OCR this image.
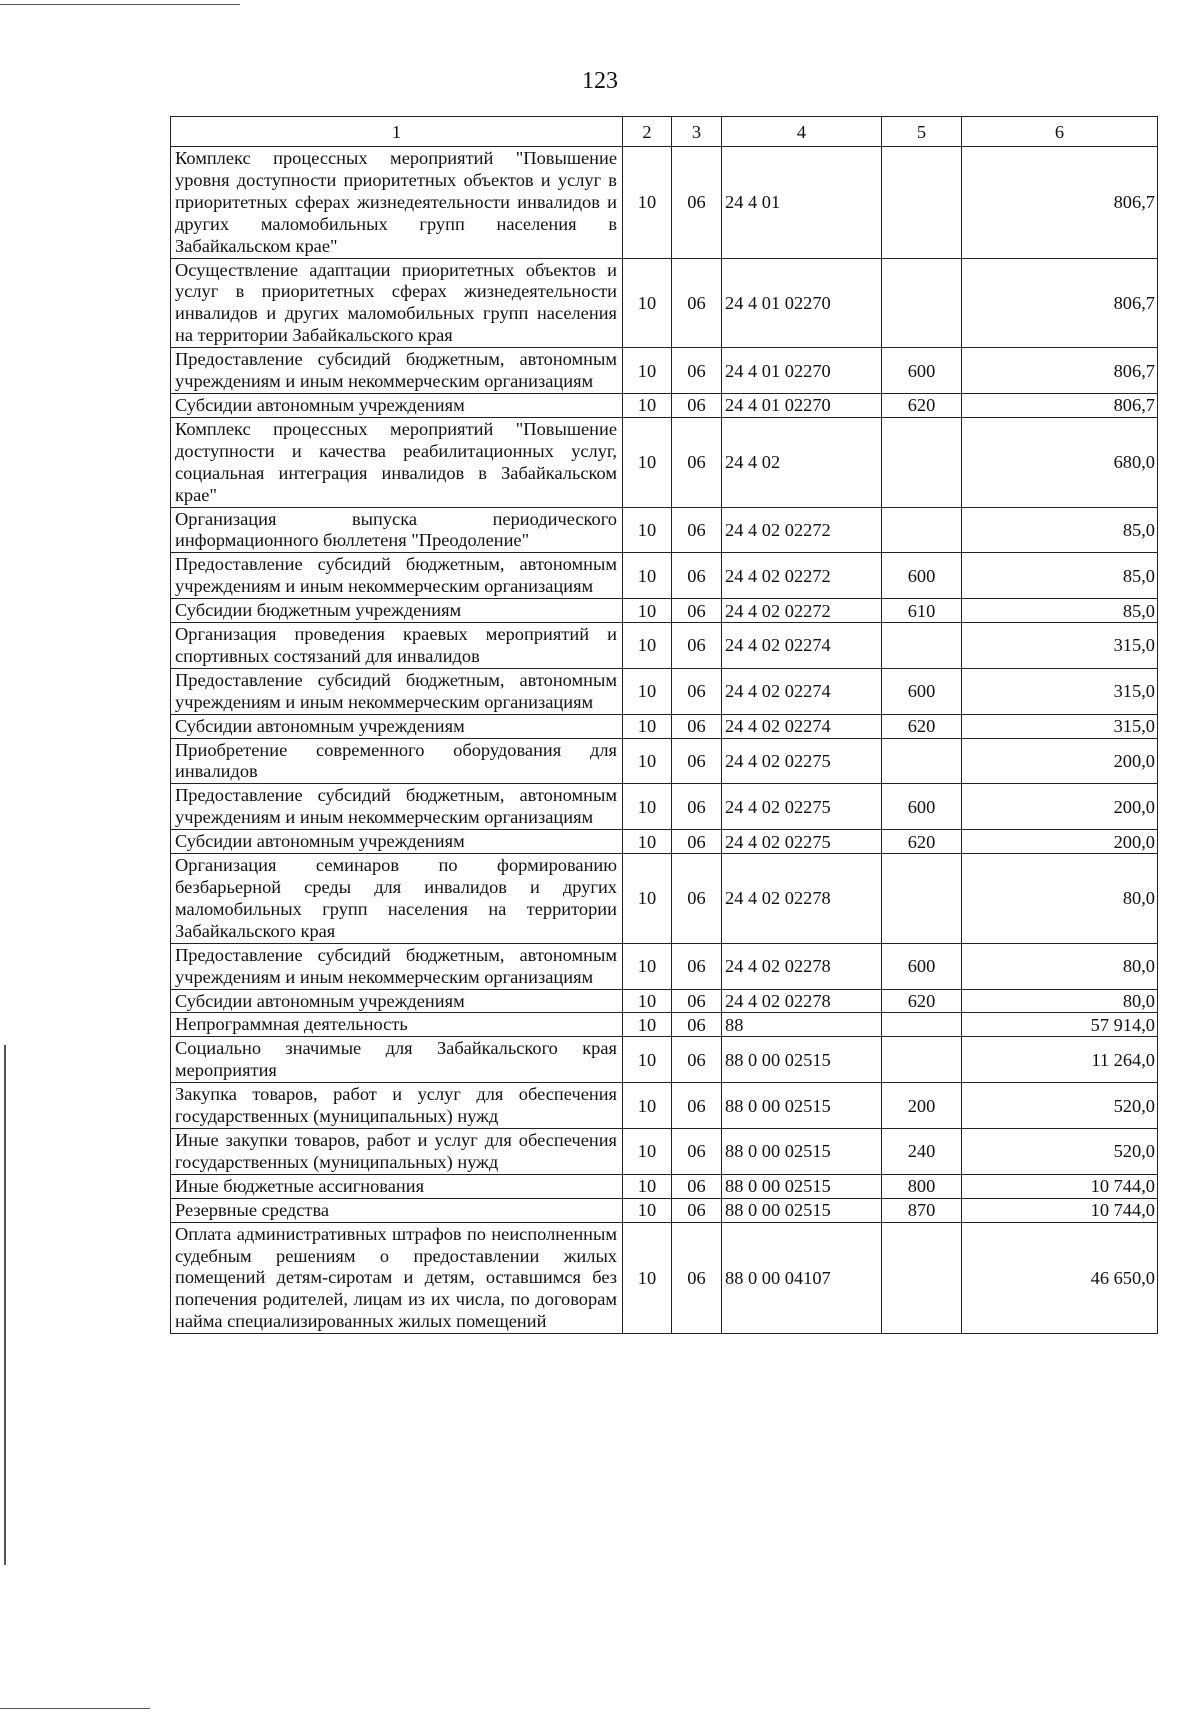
123
1	2	3	4	5	6
Комплекс процессных мероприятий "Повышение уровня доступности приоритетных объектов и услуг в приоритетных сферах жизнедеятельности инвалидов и других маломобильных групп населения в Забайкальском крае"	10	06	24 4 01		806,7
Осуществление адаптации приоритетных объектов и услуг в приоритетных сферах жизнедеятельности инвалидов и других маломобильных групп населения на территории Забайкальского края	10	06	24 4 01 02270		806,7
Предоставление субсидий бюджетным, автономным учреждениям и иным некоммерческим организациям	10	06	24 4 01 02270	600	806,7
Субсидии автономным учреждениям	10	06	24 4 01 02270	620	806,7
Комплекс процессных мероприятий "Повышение доступности и качества реабилитационных услуг, социальная интеграция инвалидов в Забайкальском крае"	10	06	24 4 02		680,0
Организация выпуска периодического информационного бюллетеня "Преодоление"	10	06	24 4 02 02272		85,0
Предоставление субсидий бюджетным, автономным учреждениям и иным некоммерческим организациям	10	06	24 4 02 02272	600	85,0
Субсидии бюджетным учреждениям	10	06	24 4 02 02272	610	85,0
Организация проведения краевых мероприятий и спортивных состязаний для инвалидов	10	06	24 4 02 02274		315,0
Предоставление субсидий бюджетным, автономным учреждениям и иным некоммерческим организациям	10	06	24 4 02 02274	600	315,0
Субсидии автономным учреждениям	10	06	24 4 02 02274	620	315,0
Приобретение современного оборудования для инвалидов	10	06	24 4 02 02275		200,0
Предоставление субсидий бюджетным, автономным учреждениям и иным некоммерческим организациям	10	06	24 4 02 02275	600	200,0
Субсидии автономным учреждениям	10	06	24 4 02 02275	620	200,0
Организация семинаров по формированию безбарьерной среды для инвалидов и других маломобильных групп населения на территории Забайкальского края	10	06	24 4 02 02278		80,0
Предоставление субсидий бюджетным, автономным учреждениям и иным некоммерческим организациям	10	06	24 4 02 02278	600	80,0
Субсидии автономным учреждениям	10	06	24 4 02 02278	620	80,0
Непрограммная деятельность	10	06	88		57 914,0
Социально значимые для Забайкальского края мероприятия	10	06	88 0 00 02515		11 264,0
Закупка товаров, работ и услуг для обеспечения государственных (муниципальных) нужд	10	06	88 0 00 02515	200	520,0
Иные закупки товаров, работ и услуг для обеспечения государственных (муниципальных) нужд	10	06	88 0 00 02515	240	520,0
Иные бюджетные ассигнования	10	06	88 0 00 02515	800	10 744,0
Резервные средства	10	06	88 0 00 02515	870	10 744,0
Оплата административных штрафов по неисполненным судебным решениям о предоставлении жилых помещений детям-сиротам и детям, оставшимся без попечения родителей, лицам из их числа, по договорам найма специализированных жилых помещений	10	06	88 0 00 04107		46 650,0
